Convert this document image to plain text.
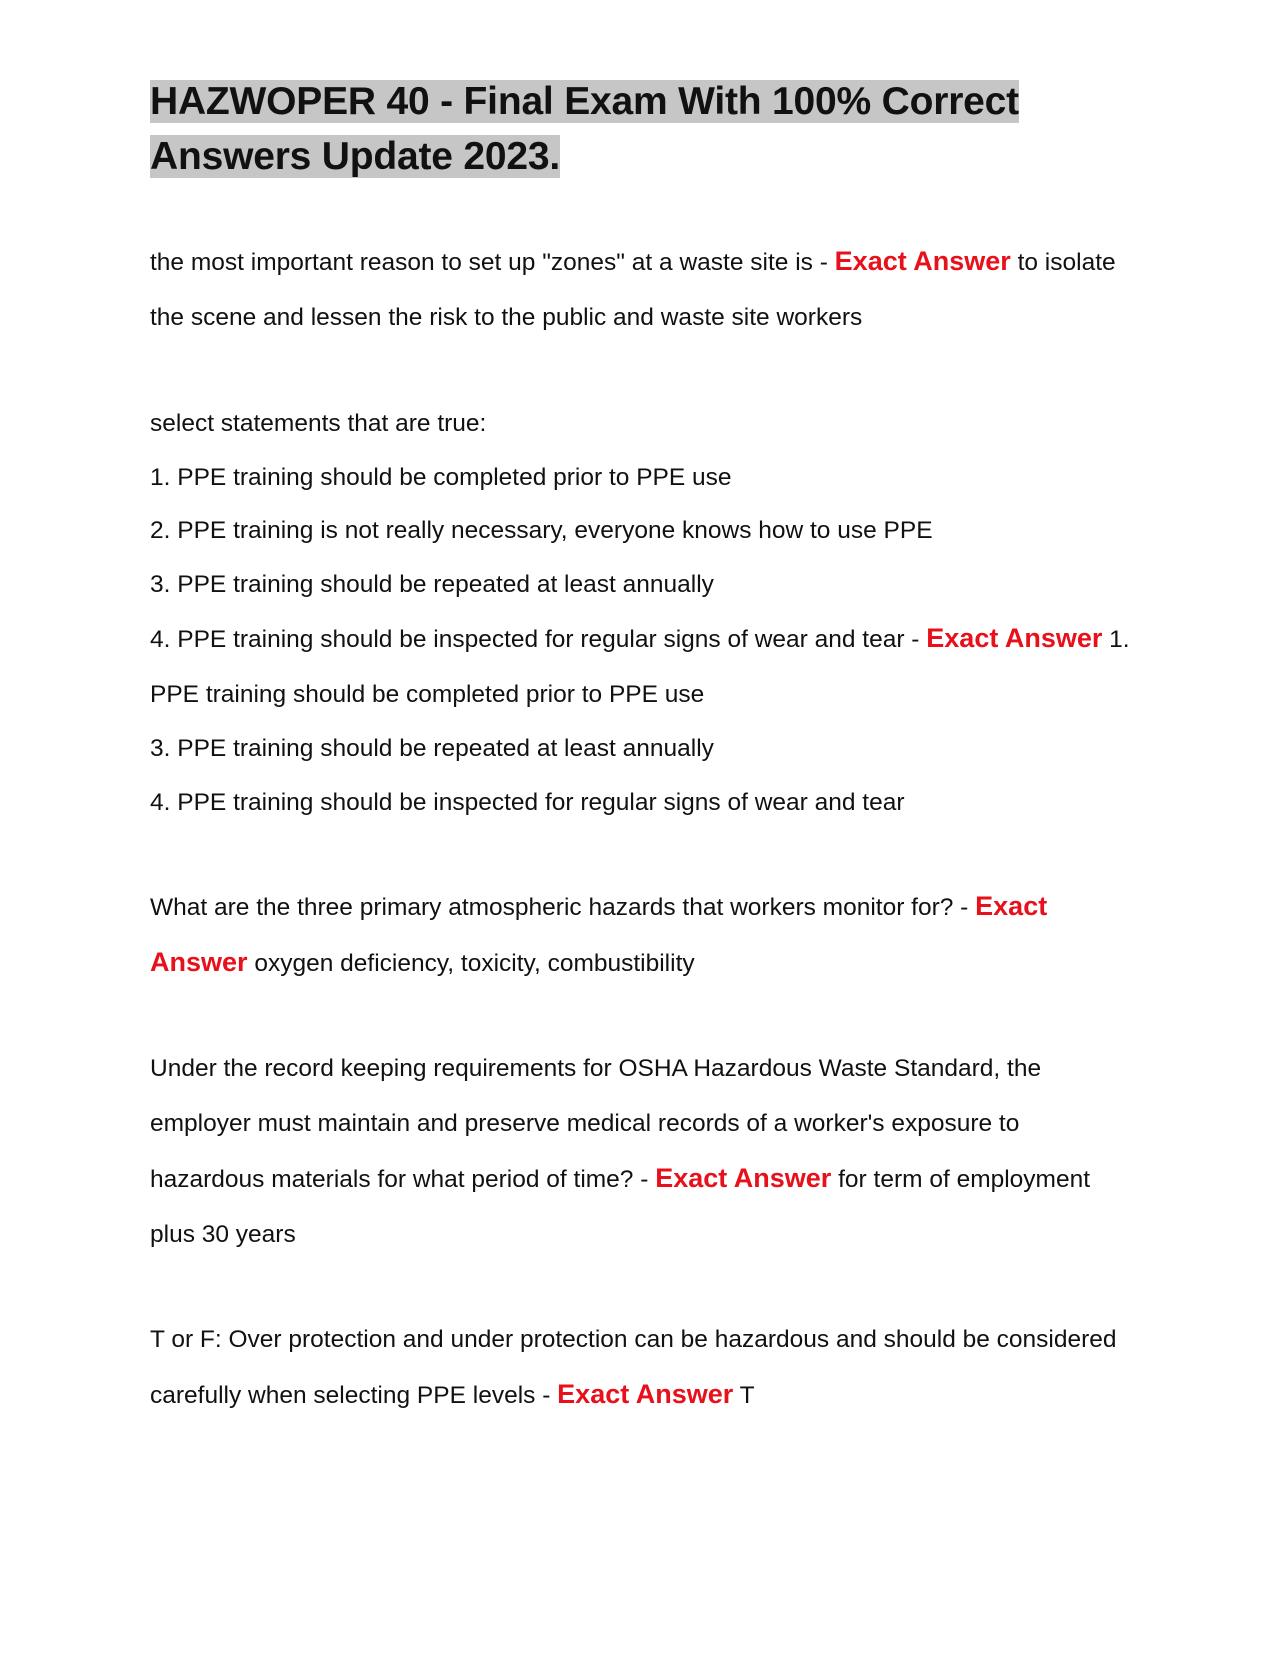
HAZWOPER 40 - Final Exam With 100% Correct Answers Update 2023.

the most important reason to set up "zones" at a waste site is - Exact Answer to isolate the scene and lessen the risk to the public and waste site workers

select statements that are true:

1. PPE training should be completed prior to PPE use

2. PPE training is not really necessary, everyone knows how to use PPE

3. PPE training should be repeated at least annually

4. PPE training should be inspected for regular signs of wear and tear - Exact Answer 1. PPE training should be completed prior to PPE use

3. PPE training should be repeated at least annually

4. PPE training should be inspected for regular signs of wear and tear

What are the three primary atmospheric hazards that workers monitor for? - Exact Answer oxygen deficiency, toxicity, combustibility

Under the record keeping requirements for OSHA Hazardous Waste Standard, the employer must maintain and preserve medical records of a worker's exposure to hazardous materials for what period of time? - Exact Answer for term of employment plus 30 years

T or F: Over protection and under protection can be hazardous and should be considered carefully when selecting PPE levels - Exact Answer T
